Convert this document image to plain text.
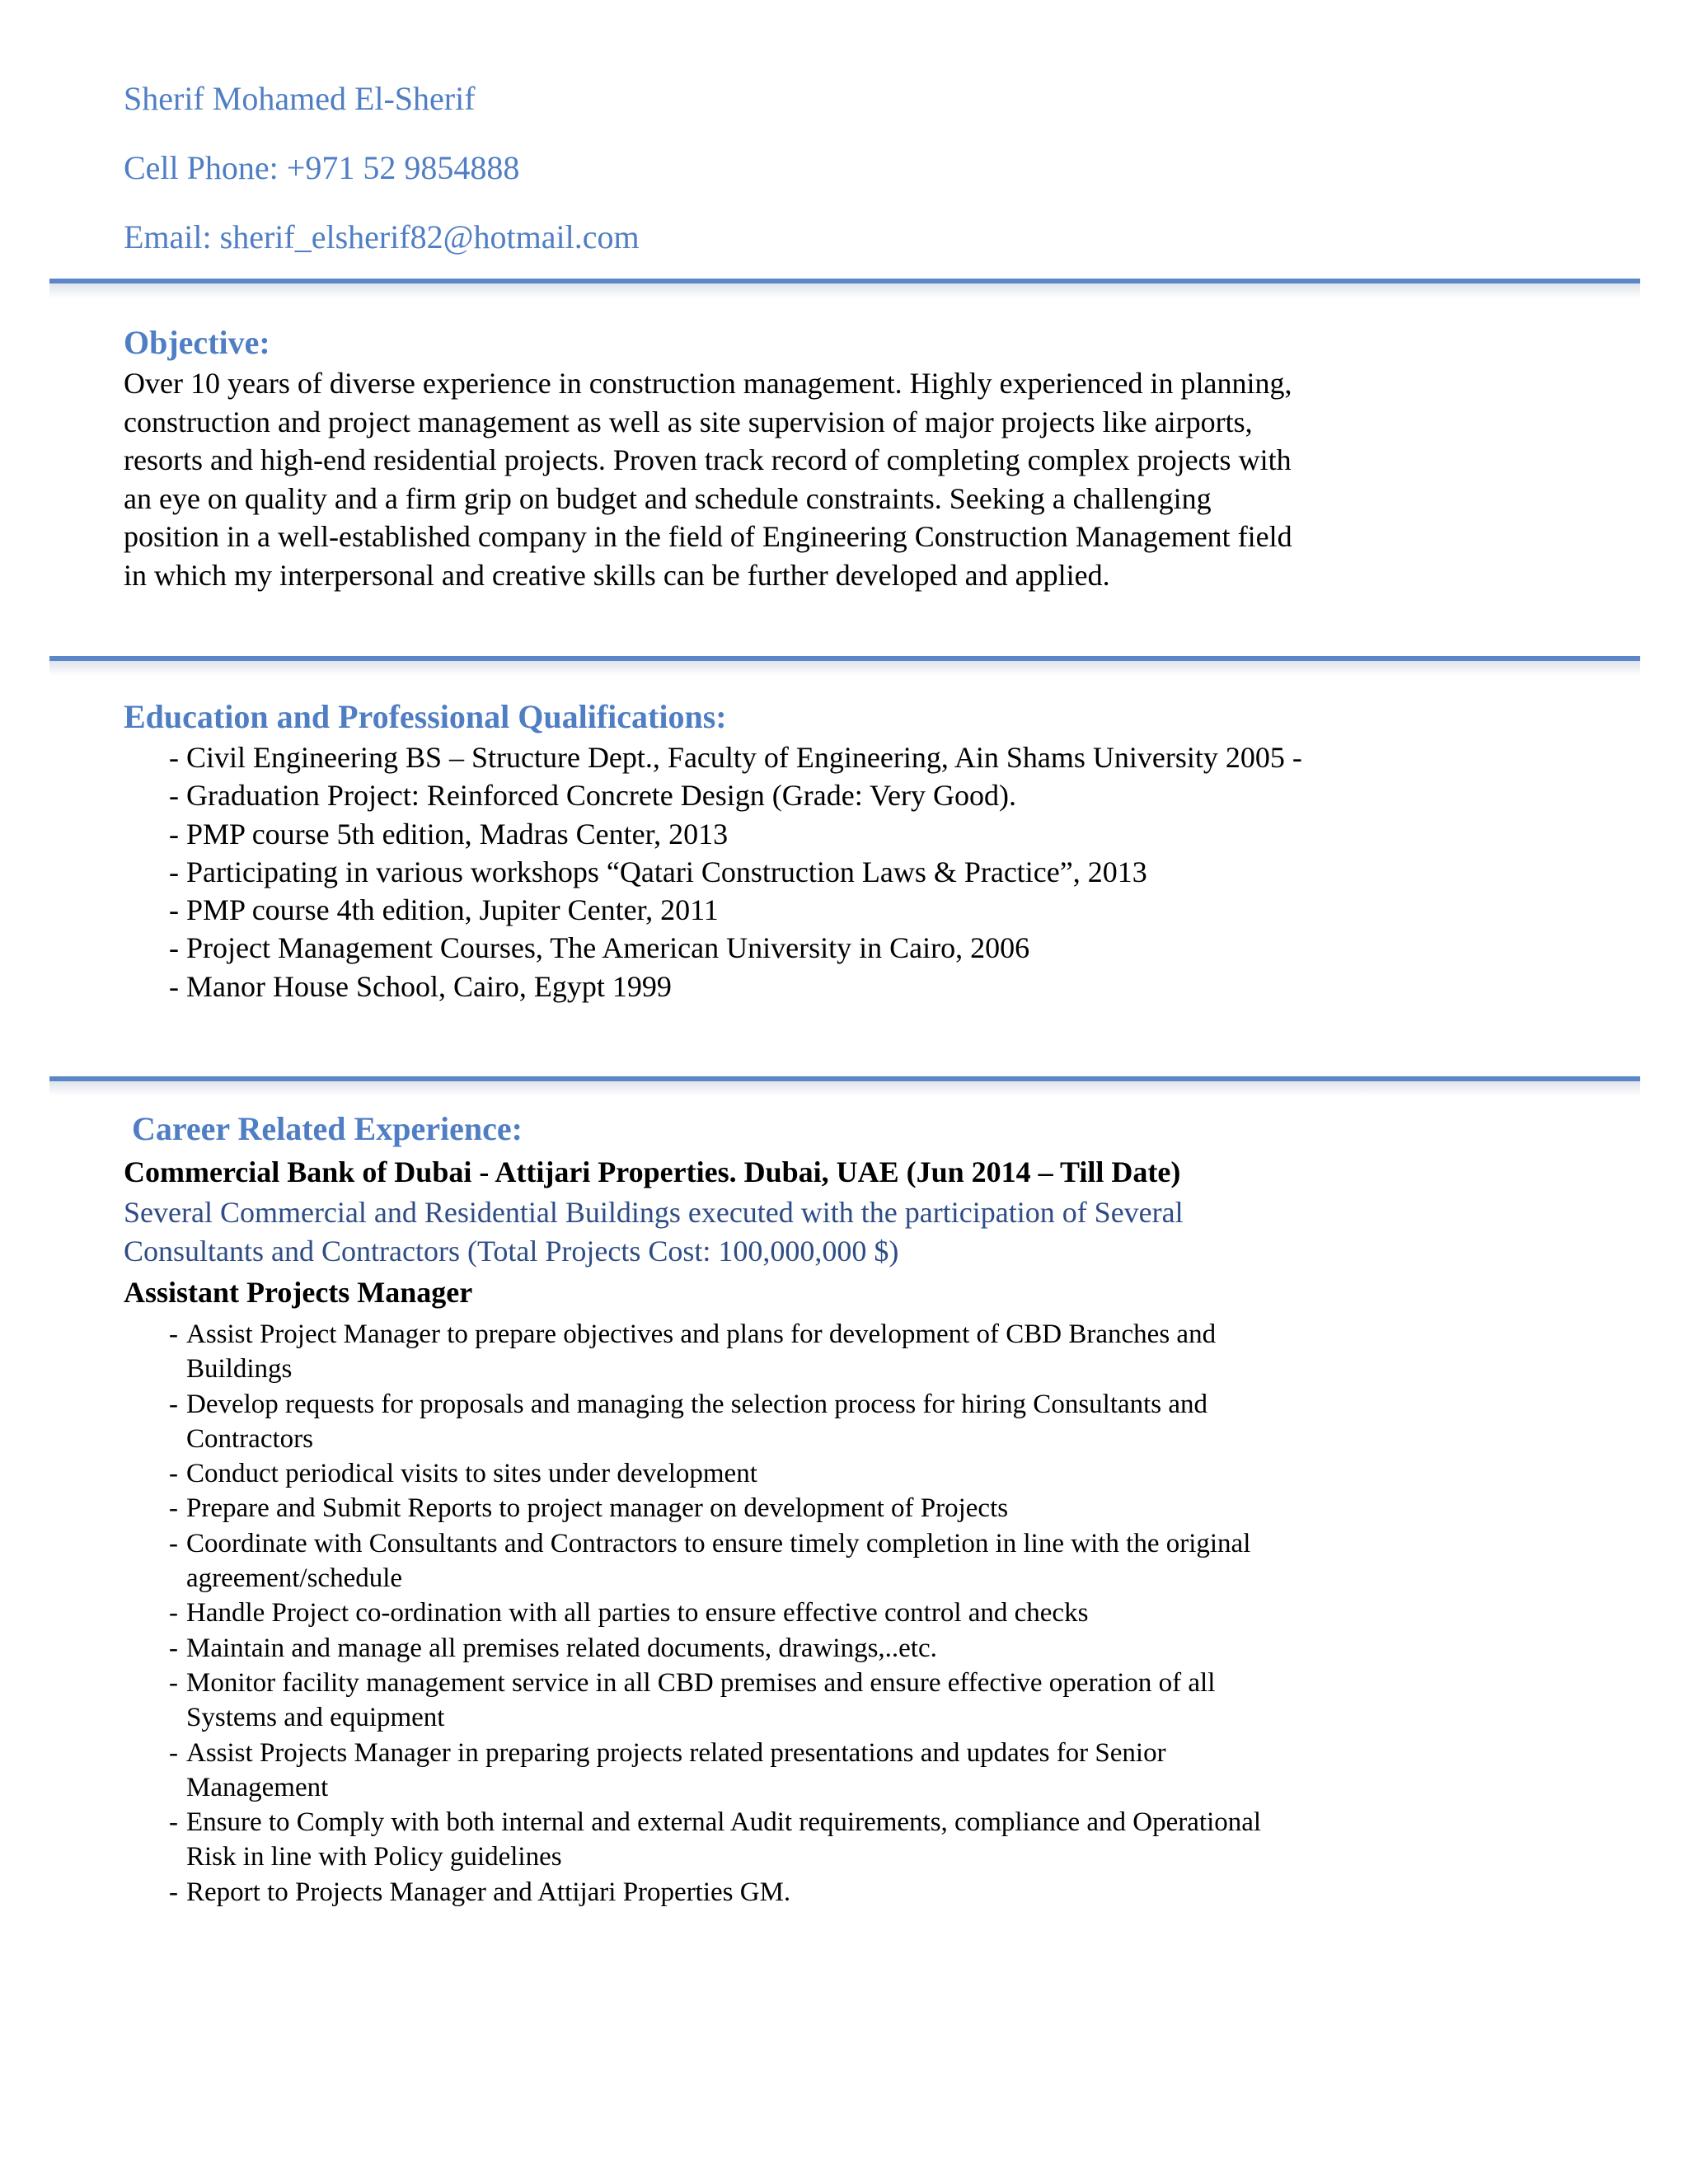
Sherif Mohamed El-Sherif
Cell Phone: +971 52 9854888
Email: sherif_elsherif82@hotmail.com
Objective:
Over 10 years of diverse experience in construction management. Highly experienced in planning,
construction and project management as well as site supervision of major projects like airports,
resorts and high-end residential projects. Proven track record of completing complex projects with
an eye on quality and a firm grip on budget and schedule constraints. Seeking a challenging
position in a well-established company in the field of Engineering Construction Management field
in which my interpersonal and creative skills can be further developed and applied.
Education and Professional Qualifications:
- Civil Engineering BS – Structure Dept., Faculty of Engineering, Ain Shams University 2005 -
- Graduation Project: Reinforced Concrete Design (Grade: Very Good).
- PMP course 5th edition, Madras Center, 2013
- Participating in various workshops “Qatari Construction Laws & Practice”, 2013
- PMP course 4th edition, Jupiter Center, 2011
- Project Management Courses, The American University in Cairo, 2006
- Manor House School, Cairo, Egypt 1999
Career Related Experience:
Commercial Bank of Dubai - Attijari Properties. Dubai, UAE (Jun 2014 – Till Date)
Several Commercial and Residential Buildings executed with the participation of Several
Consultants and Contractors (Total Projects Cost: 100,000,000 $)
Assistant Projects Manager
- Assist Project Manager to prepare objectives and plans for development of CBD Branches and
Buildings
- Develop requests for proposals and managing the selection process for hiring Consultants and
Contractors
- Conduct periodical visits to sites under development
- Prepare and Submit Reports to project manager on development of Projects
- Coordinate with Consultants and Contractors to ensure timely completion in line with the original
agreement/schedule
- Handle Project co-ordination with all parties to ensure effective control and checks
- Maintain and manage all premises related documents, drawings,..etc.
- Monitor facility management service in all CBD premises and ensure effective operation of all
Systems and equipment
- Assist Projects Manager in preparing projects related presentations and updates for Senior
Management
- Ensure to Comply with both internal and external Audit requirements, compliance and Operational
Risk in line with Policy guidelines
- Report to Projects Manager and Attijari Properties GM.
